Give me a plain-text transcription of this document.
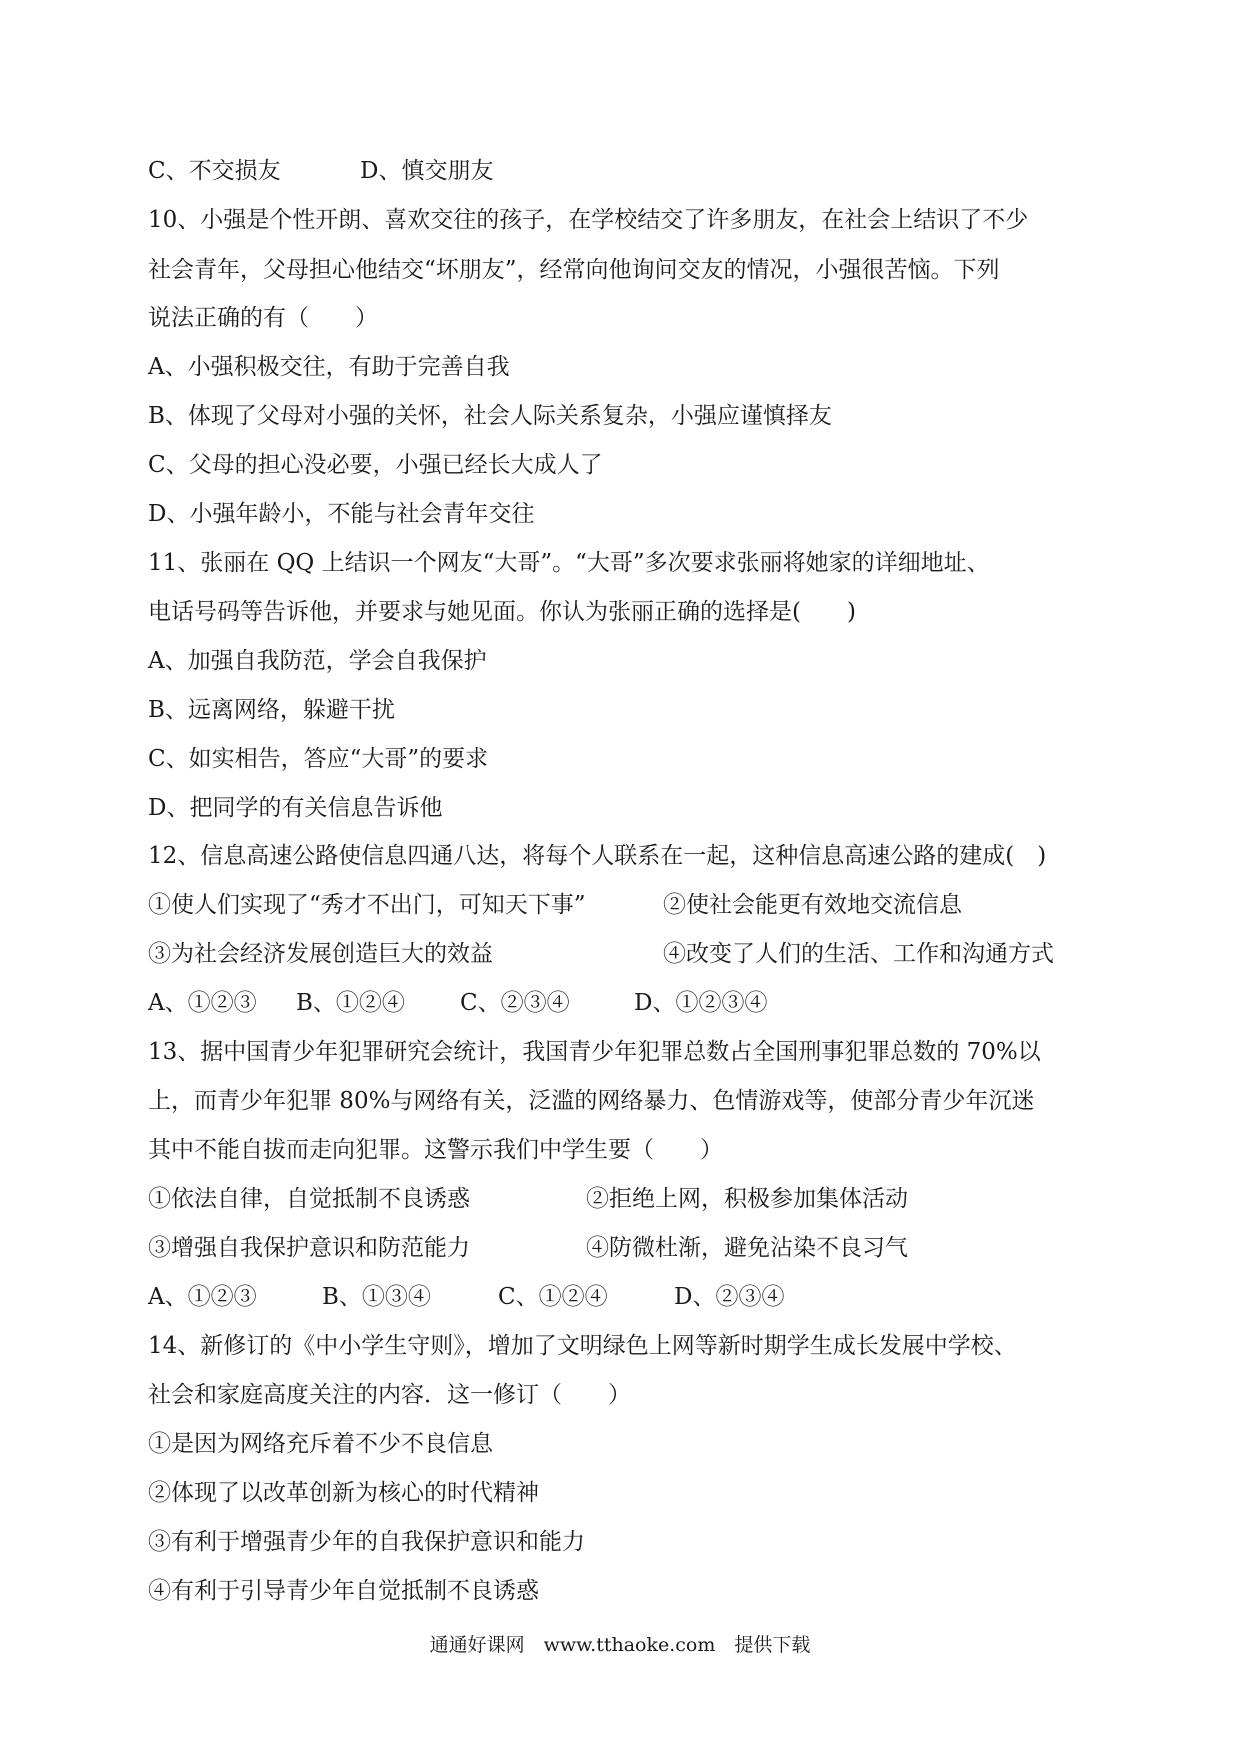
C、不交损友	D、慎交朋友
10、小强是个性开朗、喜欢交往的孩子，在学校结交了许多朋友，在社会上结识了不少
社会青年，父母担心他结交“坏朋友”，经常向他询问交友的情况，小强很苦恼。下列
说法正确的有（　　）
A、小强积极交往，有助于完善自我
B、体现了父母对小强的关怀，社会人际关系复杂，小强应谨慎择友
C、父母的担心没必要，小强已经长大成人了
D、小强年龄小，不能与社会青年交往
11、张丽在 QQ 上结识一个网友“大哥”。“大哥”多次要求张丽将她家的详细地址、
电话号码等告诉他，并要求与她见面。你认为张丽正确的选择是(　　)
A、加强自我防范，学会自我保护
B、远离网络，躲避干扰
C、如实相告，答应“大哥”的要求
D、把同学的有关信息告诉他
12、信息高速公路使信息四通八达，将每个人联系在一起，这种信息高速公路的建成(　)
①使人们实现了“秀才不出门，可知天下事”	②使社会能更有效地交流信息
③为社会经济发展创造巨大的效益	④改变了人们的生活、工作和沟通方式
A、①②③ B、①②④ C、②③④	D、①②③④
13、据中国青少年犯罪研究会统计，我国青少年犯罪总数占全国刑事犯罪总数的 70%以
上，而青少年犯罪 80%与网络有关，泛滥的网络暴力、色情游戏等，使部分青少年沉迷
其中不能自拔而走向犯罪。这警示我们中学生要（　　）
①依法自律，自觉抵制不良诱惑	②拒绝上网，积极参加集体活动
③增强自我保护意识和防范能力	④防微杜渐，避免沾染不良习气
A、①②③	B、①③④	C、①②④	D、②③④
14、新修订的《中小学生守则》，增加了文明绿色上网等新时期学生成长发展中学校、
社会和家庭高度关注的内容．这一修订（　　）
①是因为网络充斥着不少不良信息
②体现了以改革创新为核心的时代精神
③有利于增强青少年的自我保护意识和能力
④有利于引导青少年自觉抵制不良诱惑
通通好课网　www.tthaoke.com　提供下载
